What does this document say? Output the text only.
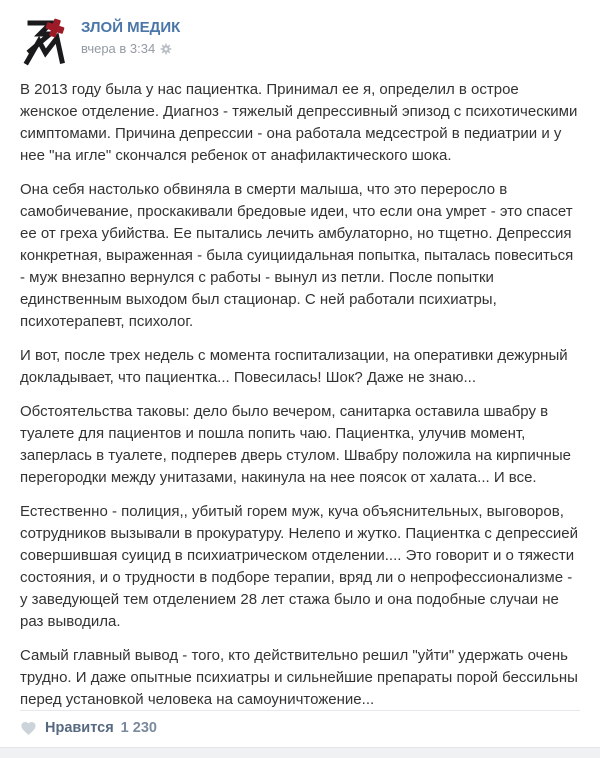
ЗЛОЙ МЕДИК
вчера в 3:34

В 2013 году была у нас пациентка. Принимал ее я, определил в острое женское отделение. Диагноз - тяжелый депрессивный эпизод с психотическими симптомами. Причина депрессии - она работала медсестрой в педиатрии и у нее "на игле" скончался ребенок от анафилактического шока.

Она себя настолько обвиняла в смерти малыша, что это переросло в самобичевание, проскакивали бредовые идеи, что если она умрет - это спасет ее от греха убийства. Ее пытались лечить амбулаторно, но тщетно. Депрессия конкретная, выраженная - была суициидальная попытка, пыталась повеситься - муж внезапно вернулся с работы - вынул из петли. После попытки единственным выходом был стационар. С ней работали психиатры, психотерапевт, психолог.

И вот, после трех недель с момента госпитализации, на оперативки дежурный докладывает, что пациентка... Повесилась! Шок? Даже не знаю...

Обстоятельства таковы: дело было вечером, санитарка оставила швабру в туалете для пациентов и пошла попить чаю. Пациентка, улучив момент, заперлась в туалете, подперев дверь стулом. Швабру положила на кирпичные перегородки между унитазами, накинула на нее поясок от халата... И все.

Естественно - полиция,, убитый горем муж, куча объяснительных, выговоров, сотрудников вызывали в прокуратуру. Нелепо и жутко. Пациентка с депрессией совершившая суицид в психиатрическом отделении.... Это говорит и о тяжести состояния, и о трудности в подборе терапии, вряд ли о непрофессионализме - у заведующей тем отделением 28 лет стажа было и она подобные случаи не раз выводила.

Самый главный вывод - того, кто действительно решил "уйти" удержать очень трудно. И даже опытные психиатры и сильнейшие препараты порой бессильны перед установкой человека на самоуничтожение...

Нравится 1 230
